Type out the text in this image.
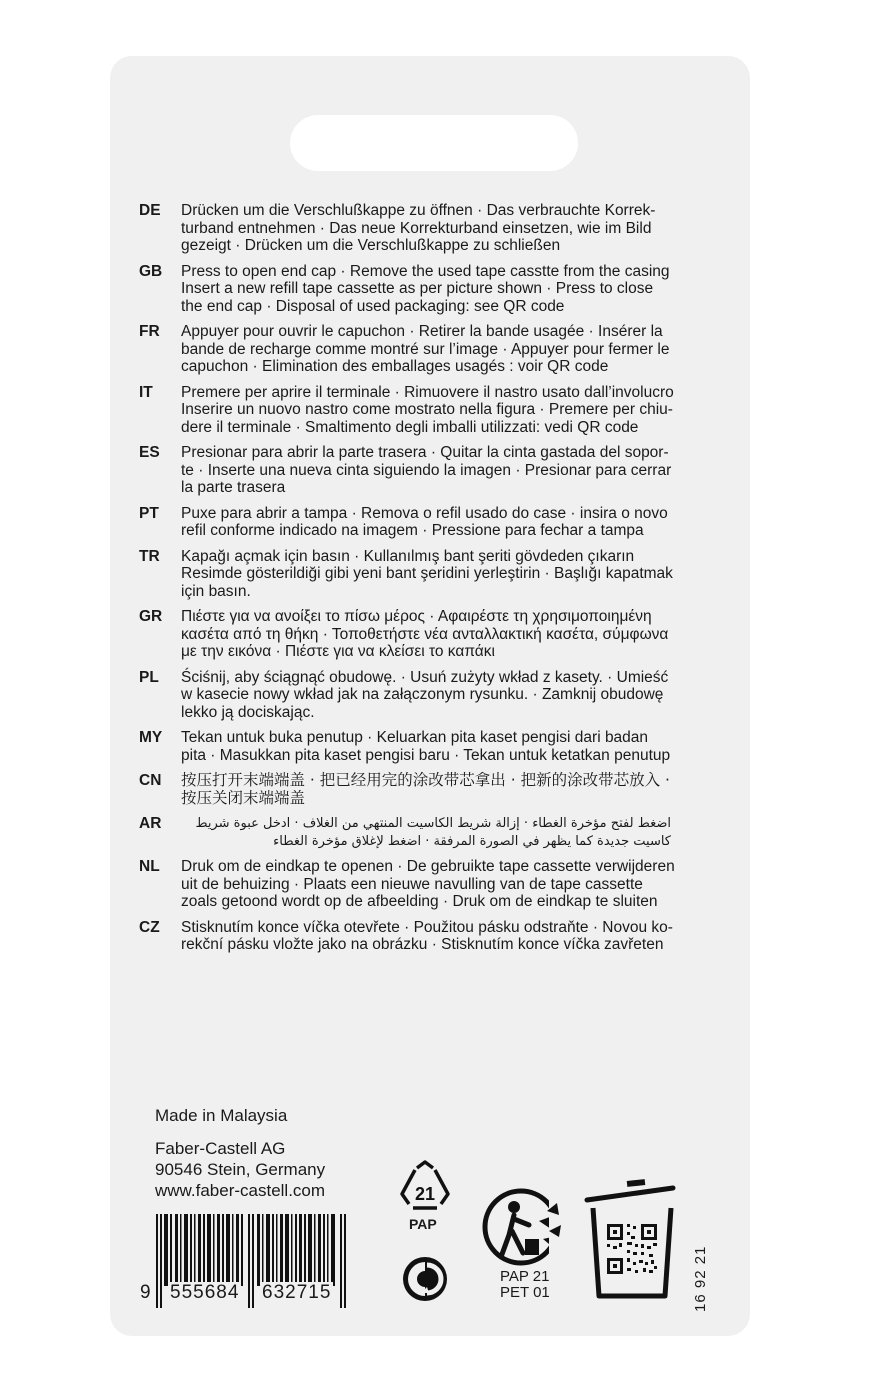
DE	Drücken um die Verschlußkappe zu öffnen · Das verbrauchte Korrek-
turband entnehmen · Das neue Korrekturband einsetzen, wie im Bild
gezeigt · Drücken um die Verschlußkappe zu schließen
GB	Press to open end cap · Remove the used tape casstte from the casing
Insert a new refill tape cassette as per picture shown · Press to close
the end cap · Disposal of used packaging: see QR code
FR	Appuyer pour ouvrir le capuchon · Retirer la bande usagée · Insérer la
bande de recharge comme montré sur l’image · Appuyer pour fermer le
capuchon · Elimination des emballages usagés : voir QR code
IT	Premere per aprire il terminale · Rimuovere il nastro usato dall’involucro
Inserire un nuovo nastro come mostrato nella figura · Premere per chiu-
dere il terminale · Smaltimento degli imballi utilizzati: vedi QR code
ES	Presionar para abrir la parte trasera · Quitar la cinta gastada del sopor-
te · Inserte una nueva cinta siguiendo la imagen · Presionar para cerrar
la parte trasera
PT	Puxe para abrir a tampa · Remova o refil usado do case · insira o novo
refil conforme indicado na imagem · Pressione para fechar a tampa
TR	Kapağı açmak için basın · Kullanılmış bant şeriti gövdeden çıkarın
Resimde gösterildiği gibi yeni bant şeridini yerleştirin · Başlığı kapatmak
için basın.
GR	Πιέστε για να ανοίξει το πίσω μέρος · Αφαιρέστε τη χρησιμοποιημένη
κασέτα από τη θήκη · Τοποθετήστε νέα ανταλλακτική κασέτα, σύμφωνα
με την εικόνα · Πιέστε για να κλείσει το καπάκι
PL	Ściśnij, aby ściągnąć obudowę. · Usuń zużyty wkład z kasety. · Umieść
w kasecie nowy wkład jak na załączonym rysunku. · Zamknij obudowę
lekko ją dociskając.
MY	Tekan untuk buka penutup · Keluarkan pita kaset pengisi dari badan
pita · Masukkan pita kaset pengisi baru · Tekan untuk ketatkan penutup
CN	按压打开末端端盖 · 把已经用完的涂改带芯拿出 · 把新的涂改带芯放入 ·
按压关闭末端端盖
AR	اضغط لفتح مؤخرة الغطاء · إزالة شريط الكاسيت المنتهي من الغلاف · ادخل عبوة شريط
كاسيت جديدة كما يظهر في الصورة المرفقة · اضغط لإغلاق مؤخرة الغطاء
NL	Druk om de eindkap te openen · De gebruikte tape cassette verwijderen
uit de behuizing · Plaats een nieuwe navulling van de tape cassette
zoals getoond wordt op de afbeelding · Druk om de eindkap te sluiten
CZ	Stisknutím konce víčka otevřete · Použitou pásku odstraňte · Novou ko-
rekční pásku vložte jako na obrázku · Stisknutím konce víčka zavřeten
Made in Malaysia
Faber-Castell AG
90546 Stein, Germany
www.faber-castell.com
9 555684 632715
21
PAP
PAP 21
PET 01	16 92 21
